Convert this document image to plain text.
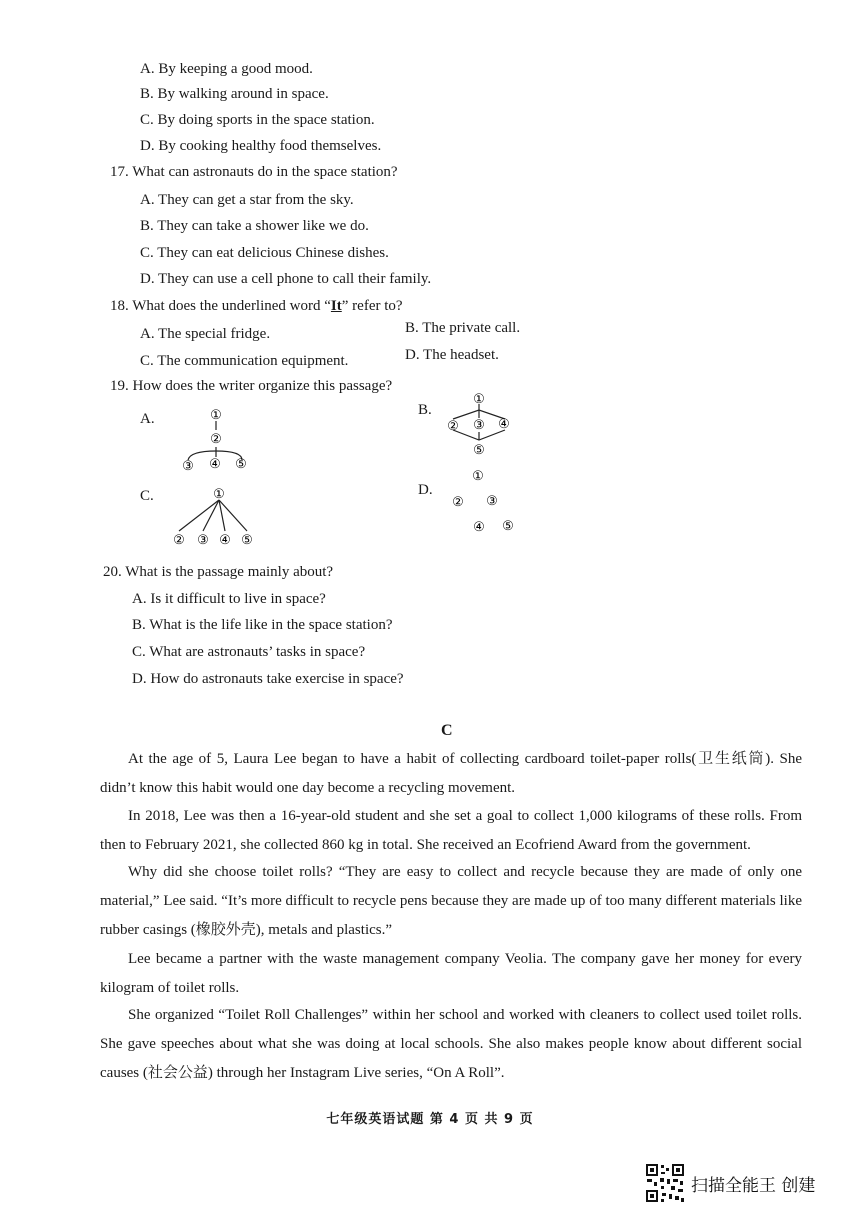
A. By keeping a good mood.
B. By walking around in space.
C. By doing sports in the space station.
D. By cooking healthy food themselves.
17. What can astronauts do in the space station?
A. They can get a star from the sky.
B. They can take a shower like we do.
C. They can eat delicious Chinese dishes.
D. They can use a cell phone to call their family.
18. What does the underlined word “It” refer to?
A. The special fridge.	B. The private call.
C. The communication equipment.	D. The headset.
19. How does the writer organize this passage?
A.	①
②
③ ④ ⑤
B.
①
② ③ ④
⑤
C.	①
② ③ ④ ⑤
D.
①
② ③
④ ⑤
20. What is the passage mainly about?
A. Is it difficult to live in space?
B. What is the life like in the space station?
C. What are astronauts’ tasks in space?
D. How do astronauts take exercise in space?
C
At the age of 5, Laura Lee began to have a habit of collecting cardboard toilet-paper rolls(卫生纸筒). She didn’t know this habit would one day become a recycling movement.
In 2018, Lee was then a 16-year-old student and she set a goal to collect 1,000 kilograms of these rolls. From then to February 2021, she collected 860 kg in total. She received an Ecofriend Award from the government.
Why did she choose toilet rolls? “They are easy to collect and recycle because they are made of only one material,” Lee said. “It’s more difficult to recycle pens because they are made up of too many different materials like rubber casings (橡胶外壳), metals and plastics.”
Lee became a partner with the waste management company Veolia. The company gave her money for every kilogram of toilet rolls.
She organized “Toilet Roll Challenges” within her school and worked with cleaners to collect used toilet rolls. She gave speeches about what she was doing at local schools. She also makes people know about different social causes (社会公益) through her Instagram Live series, “On A Roll”.
七年级英语试题 第 4 页 共 9 页
扫描全能王 创建
